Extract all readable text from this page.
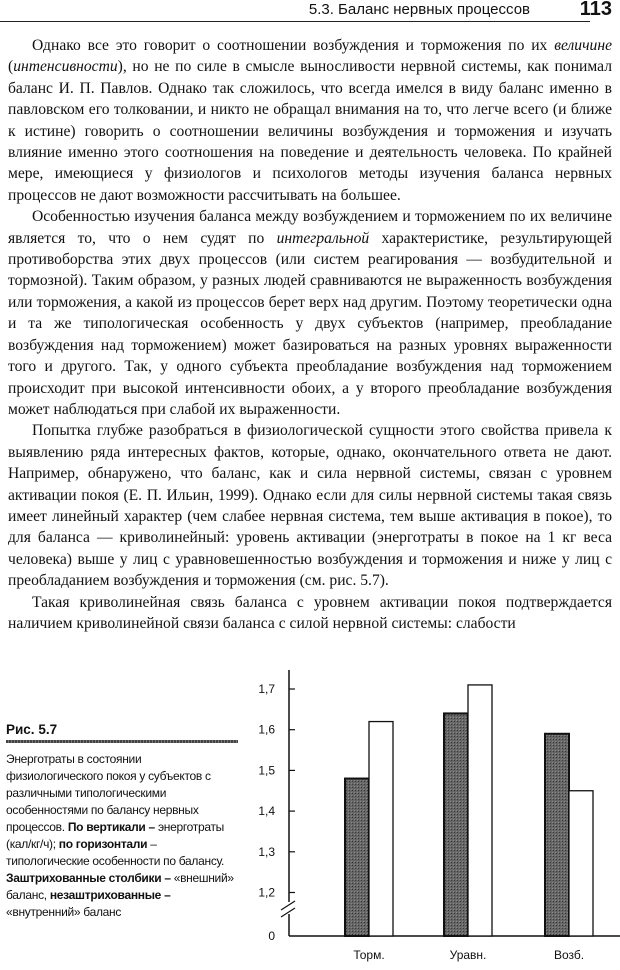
5.3. Баланс нервных процессов 113

Однако все это говорит о соотношении возбуждения и торможения по их величине (интенсивности), но не по силе в смысле выносливости нервной системы, как понимал баланс И. П. Павлов. Однако так сложилось, что всегда имелся в виду баланс именно в павловском его толковании, и никто не обращал внимания на то, что легче всего (и ближе к истине) говорить о соотношении величины возбуждения и торможения и изучать влияние именно этого соотношения на поведение и деятельность человека. По крайней мере, имеющиеся у физиологов и психологов методы изучения баланса нервных процессов не дают возможности рассчитывать на большее.

Особенностью изучения баланса между возбуждением и торможением по их величине является то, что о нем судят по интегральной характеристике, результирующей противоборства этих двух процессов (или систем реагирования — возбудительной и тормозной). Таким образом, у разных людей сравниваются не выраженность возбуждения или торможения, а какой из процессов берет верх над другим. Поэтому теоретически одна и та же типологическая особенность у двух субъектов (например, преобладание возбуждения над торможением) может базироваться на разных уровнях выраженности того и другого. Так, у одного субъекта преобладание возбуждения над торможением происходит при высокой интенсивности обоих, а у второго преобладание возбуждения может наблюдаться при слабой их выраженности.

Попытка глубже разобраться в физиологической сущности этого свойства привела к выявлению ряда интересных фактов, которые, однако, окончательного ответа не дают. Например, обнаружено, что баланс, как и сила нервной системы, связан с уровнем активации покоя (Е. П. Ильин, 1999). Однако если для силы нервной системы такая связь имеет линейный характер (чем слабее нервная система, тем выше активация в покое), то для баланса — криволинейный: уровень активации (энерготраты в покое на 1 кг веса человека) выше у лиц с уравновешенностью возбуждения и торможения и ниже у лиц с преобладанием возбуждения и торможения (см. рис. 5.7).

Такая криволинейная связь баланса с уровнем активации покоя подтверждается наличием криволинейной связи баланса с силой нервной системы: слабости

Рис. 5.7
Энерготраты в состоянии физиологического покоя у субъектов с различными типологическими особенностями по балансу нервных процессов. По вертикали – энерготраты (кал/кг/ч); по горизонтали – типологические особенности по балансу. Заштрихованные столбики – «внешний» баланс, незаштрихованные – «внутренний» баланс
0
1,2
1,3
1,4
1,5
1,6
1,7
Торм.	Уравн.	Возб.
